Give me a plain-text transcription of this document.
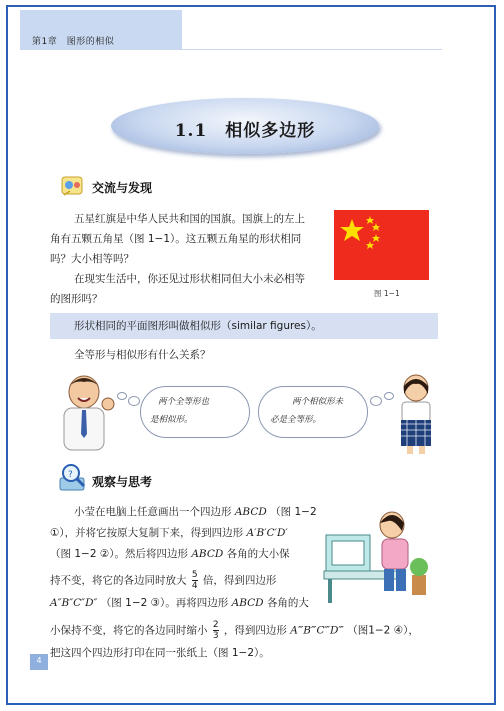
第1章　图形的相似
1.1　相似多边形
交流与发现
五星红旗是中华人民共和国的国旗。国旗上的左上
角有五颗五角星（图 1−1）。这五颗五角星的形状相同
吗？大小相等吗？
在现实生活中，你还见过形状相同但大小未必相等
的图形吗？	图 1−1
形状相同的平面图形叫做相似形（similar figures）。
全等形与相似形有什么关系？
两个全等形也
是相似形。
两个相似形未
必是全等形。
? 观察与思考
小莹在电脑上任意画出一个四边形 ABCD （图 1−2
①），并将它按原大复制下来，得到四边形 A′B′C′D′
（图 1−2 ②）。然后将四边形 ABCD 各角的大小保
持不变，将它的各边同时放大 $\frac{5}{4}$ 倍，得到四边形
A″B″C″D″ （图 1−2 ③）。再将四边形 ABCD 各角的大
小保持不变，将它的各边同时缩小 $\frac{2}{3}$ ，得到四边形 A‴B‴C‴D‴ （图1−2 ④），
把这四个四边形打印在同一张纸上（图 1−2）。
4
